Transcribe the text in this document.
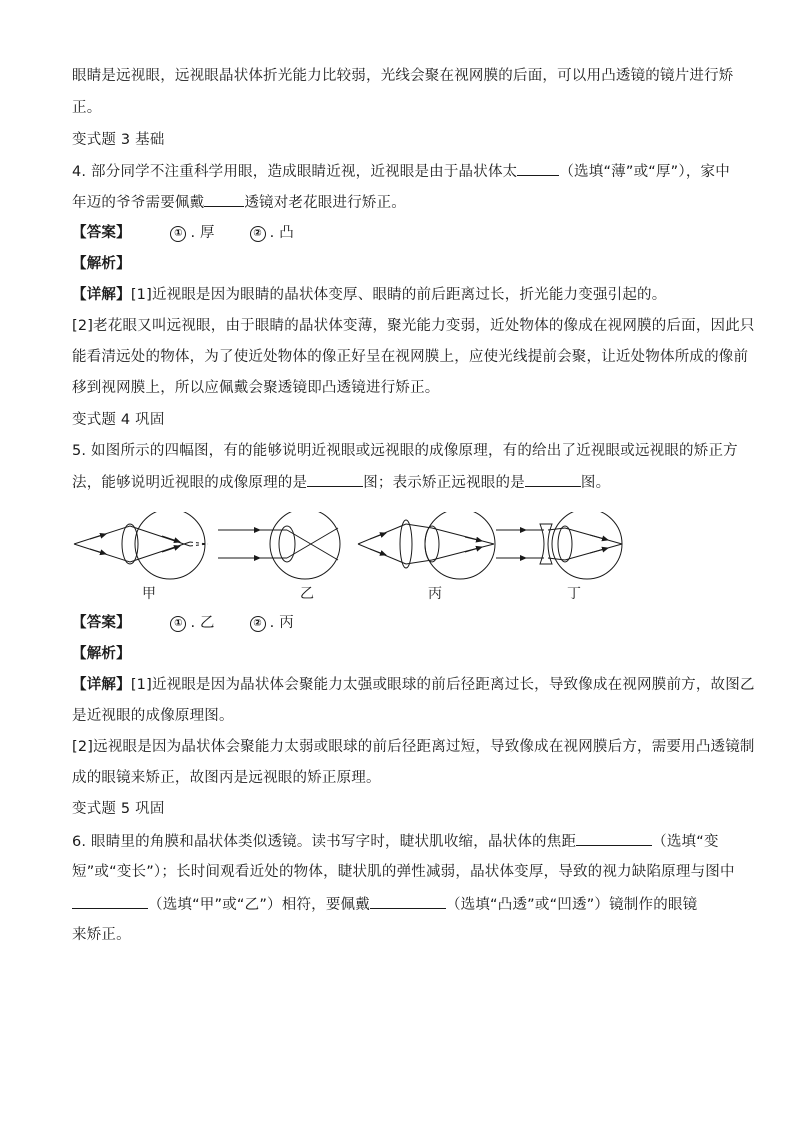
眼睛是远视眼，远视眼晶状体折光能力比较弱，光线会聚在视网膜的后面，可以用凸透镜的镜片进行矫
正。
变式题 3 基础
4. 部分同学不注重科学用眼，造成眼睛近视，近视眼是由于晶状体太	（选填“薄”或“厚”），家中
年迈的爷爷需要佩戴	透镜对老花眼进行矫正。
【答案】	① . 厚	② . 凸
【解析】
【详解】[1]近视眼是因为眼睛的晶状体变厚、眼睛的前后距离过长，折光能力变强引起的。
[2]老花眼又叫远视眼，由于眼睛的晶状体变薄，聚光能力变弱，近处物体的像成在视网膜的后面，因此只
能看清远处的物体，为了使近处物体的像正好呈在视网膜上，应使光线提前会聚，让近处物体所成的像前
移到视网膜上，所以应佩戴会聚透镜即凸透镜进行矫正。
变式题 4 巩固
5. 如图所示的四幅图，有的能够说明近视眼或远视眼的成像原理，有的给出了近视眼或远视眼的矫正方
法，能够说明近视眼的成像原理的是	图；表示矫正远视眼的是	图。
甲	乙	丙	丁
【答案】	① . 乙	② . 丙
【解析】
【详解】[1]近视眼是因为晶状体会聚能力太强或眼球的前后径距离过长，导致像成在视网膜前方，故图乙
是近视眼的成像原理图。
[2]远视眼是因为晶状体会聚能力太弱或眼球的前后径距离过短，导致像成在视网膜后方，需要用凸透镜制
成的眼镜来矫正，故图丙是远视眼的矫正原理。
变式题 5 巩固
6. 眼睛里的角膜和晶状体类似透镜。读书写字时，睫状肌收缩，晶状体的焦距	（选填“变
短”或“变长”）；长时间观看近处的物体，睫状肌的弹性减弱，晶状体变厚，导致的视力缺陷原理与图中
（选填“甲”或“乙”）相符，要佩戴	（选填“凸透”或“凹透”）镜制作的眼镜
来矫正。
